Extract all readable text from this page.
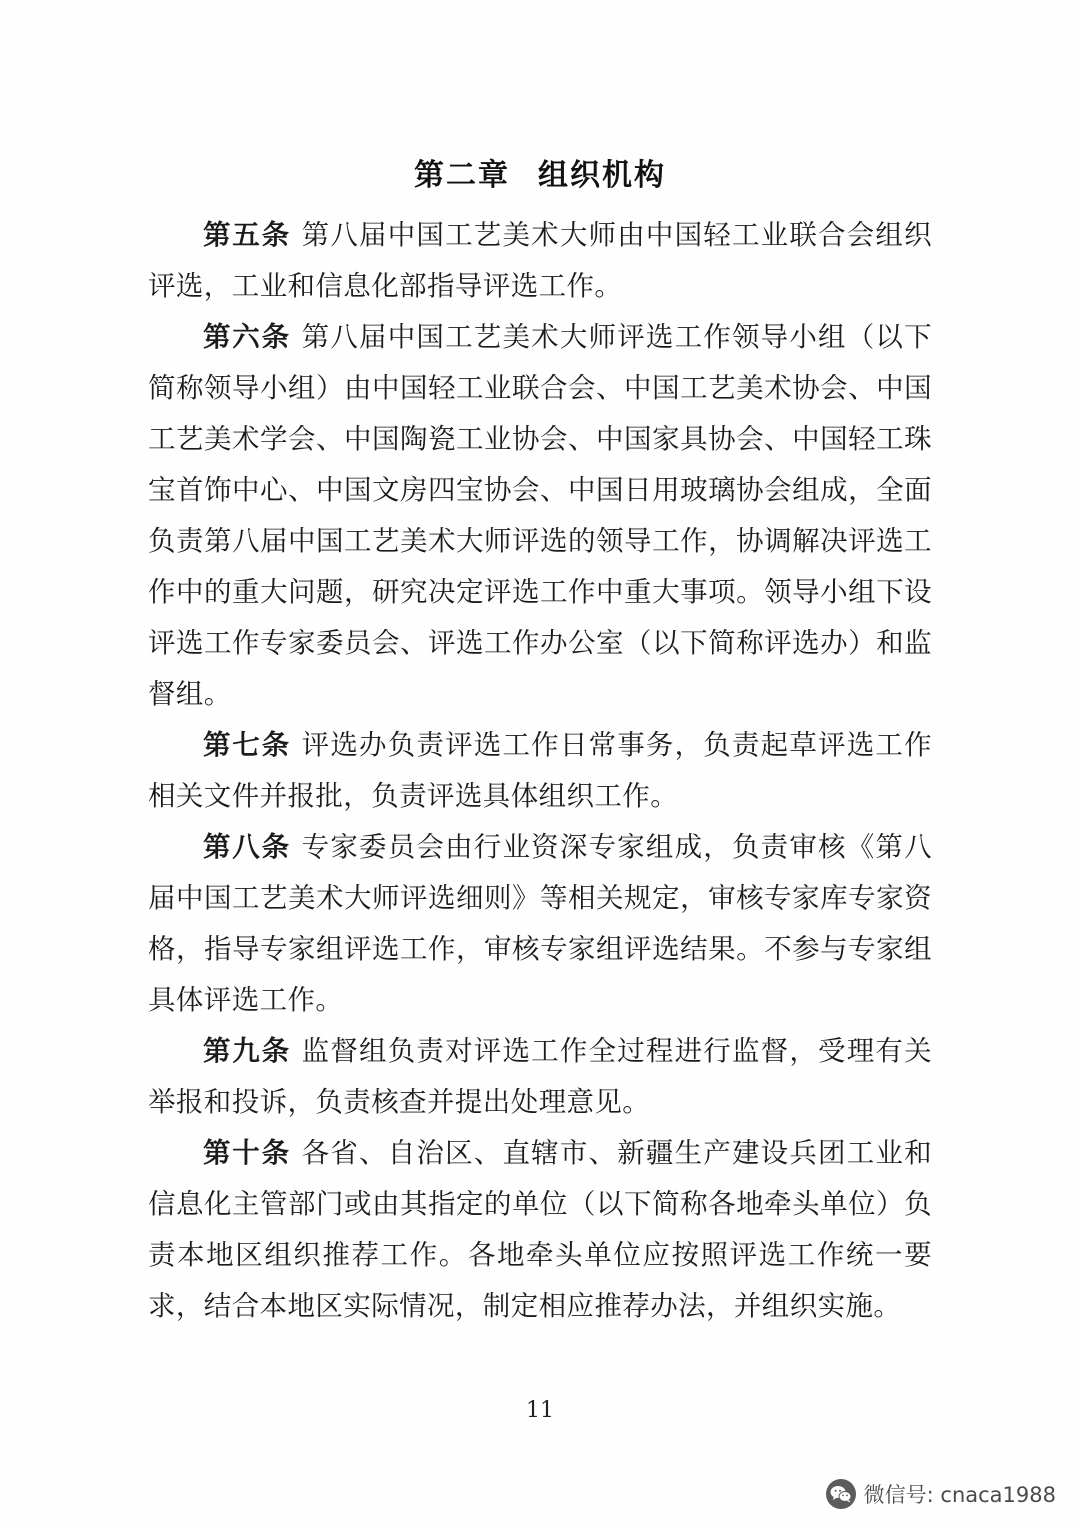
第二章 组织机构

第五条 第八届中国工艺美术大师由中国轻工业联合会组织评选，工业和信息化部指导评选工作。

第六条 第八届中国工艺美术大师评选工作领导小组（以下简称领导小组）由中国轻工业联合会、中国工艺美术协会、中国工艺美术学会、中国陶瓷工业协会、中国家具协会、中国轻工珠宝首饰中心、中国文房四宝协会、中国日用玻璃协会组成，全面负责第八届中国工艺美术大师评选的领导工作，协调解决评选工作中的重大问题，研究决定评选工作中重大事项。领导小组下设评选工作专家委员会、评选工作办公室（以下简称评选办）和监督组。

第七条 评选办负责评选工作日常事务，负责起草评选工作相关文件并报批，负责评选具体组织工作。

第八条 专家委员会由行业资深专家组成，负责审核《第八届中国工艺美术大师评选细则》等相关规定，审核专家库专家资格，指导专家组评选工作，审核专家组评选结果。不参与专家组具体评选工作。

第九条 监督组负责对评选工作全过程进行监督，受理有关举报和投诉，负责核查并提出处理意见。

第十条 各省、自治区、直辖市、新疆生产建设兵团工业和信息化主管部门或由其指定的单位（以下简称各地牵头单位）负责本地区组织推荐工作。各地牵头单位应按照评选工作统一要求，结合本地区实际情况，制定相应推荐办法，并组织实施。

11
微信号: cnaca1988
